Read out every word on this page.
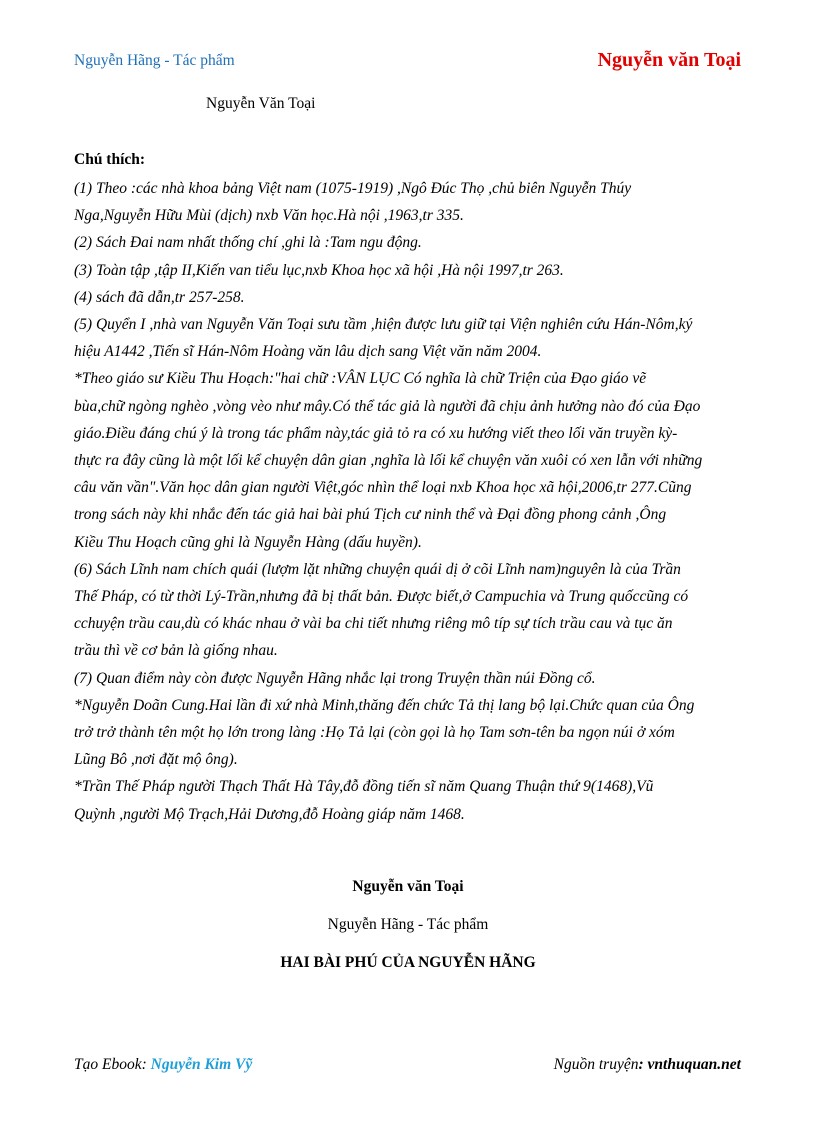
Nguyễn Hãng - Tác phẩm	Nguyễn văn Toại
Nguyễn Văn Toại
Chú thích:

(1) Theo :các nhà khoa bảng Việt nam (1075-1919) ,Ngô Đúc Thọ ,chủ biên Nguyễn Thúy

Nga,Nguyễn Hữu Mùi (dịch) nxb Văn học.Hà nội ,1963,tr 335.

(2) Sách Đai nam nhất thống chí ,ghi là :Tam ngu động.

(3) Toàn tập ,tập II,Kiến van tiểu lục,nxb Khoa học xã hội ,Hà nội 1997,tr 263.

(4) sách đã dẫn,tr 257-258.

(5) Quyển I ,nhà van Nguyễn Văn Toại sưu tầm ,hiện được lưu giữ tại Viện nghiên cứu Hán-Nôm,ký

hiệu A1442 ,Tiến sĩ Hán-Nôm Hoàng văn lâu dịch sang Việt văn năm 2004.

*Theo giáo sư Kiều Thu Hoạch:"hai chữ :VÂN LỤC Có nghĩa là chữ Triện của Đạo giáo vẽ

bùa,chữ ngòng nghèo ,vòng vèo như mây.Có thể tác giả là người đã chịu ảnh hưởng nào đó của Đạo

giáo.Điều đáng chú ý là trong tác phẩm này,tác giả tỏ ra có xu hướng viết theo lối văn truyền kỳ-

thực ra đây cũng là một lối kể chuyện dân gian ,nghĩa là lối kể chuyện văn xuôi có xen lẫn với những

câu văn vần".Văn học dân gian người Việt,góc nhìn thể loại nxb Khoa học xã hội,2006,tr 277.Cũng

trong sách này khi nhắc đến tác giả hai bài phú Tịch cư ninh thể và Đại đồng phong cảnh ,Ông

Kiều Thu Hoạch cũng ghi là Nguyễn Hàng (dấu huyền).

(6) Sách Lĩnh nam chích quái (lượm lặt những chuyện quái dị ở cõi Lĩnh nam)nguyên là của Trần

Thế Pháp, có từ thời Lý-Trần,nhưng đã bị thất bản. Được biết,ở Campuchia và Trung quốccũng có

cchuyện trầu cau,dù có khác nhau ở vài ba chi tiết nhưng riêng mô típ sự tích trầu cau và tục ăn

trầu thì về cơ bản là giống nhau.

(7) Quan điểm này còn được Nguyễn Hãng nhắc lại trong Truyện thần núi Đồng cổ.

*Nguyễn Doãn Cung.Hai lần đi xứ nhà Minh,thăng đến chức Tả thị lang bộ lại.Chức quan của Ông

trở trở thành tên một họ lớn trong làng :Họ Tả lại (còn gọi là họ Tam sơn-tên ba ngọn núi ở xóm

Lũng Bô ,nơi đặt mộ ông).

*Trần Thế Pháp người Thạch Thất Hà Tây,đỗ đồng tiến sĩ năm Quang Thuận thứ 9(1468),Vũ

Quỳnh ,người Mộ Trạch,Hải Dương,đỗ Hoàng giáp năm 1468.

Nguyễn văn Toại
Nguyễn Hãng - Tác phẩm
HAI BÀI PHÚ CỦA NGUYỄN HÃNG
Tạo Ebook: Nguyễn Kim Vỹ	Nguồn truyện: vnthuquan.net
